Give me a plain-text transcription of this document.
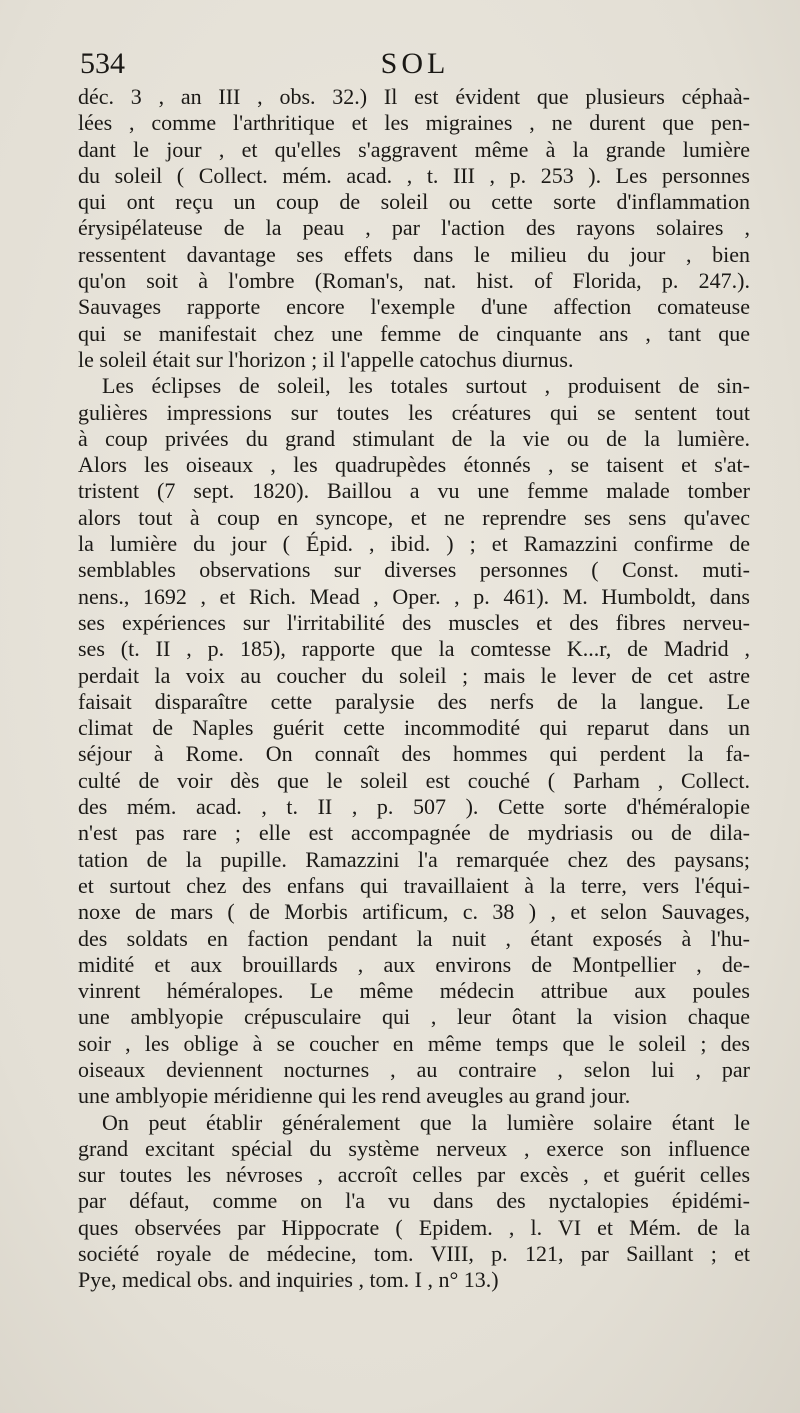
534	SOL
déc. 3 , an III , obs. 32.) Il est évident que plusieurs céphaà-
lées , comme l'arthritique et les migraines , ne durent que pen-
dant le jour , et qu'elles s'aggravent même à la grande lumière
du soleil ( Collect. mém. acad. , t. III , p. 253 ). Les personnes
qui ont reçu un coup de soleil ou cette sorte d'inflammation
érysipélateuse de la peau , par l'action des rayons solaires ,
ressentent davantage ses effets dans le milieu du jour , bien
qu'on soit à l'ombre (Roman's, nat. hist. of Florida, p. 247.).
Sauvages rapporte encore l'exemple d'une affection comateuse
qui se manifestait chez une femme de cinquante ans , tant que
le soleil était sur l'horizon ; il l'appelle catochus diurnus.
Les éclipses de soleil, les totales surtout , produisent de sin-
gulières impressions sur toutes les créatures qui se sentent tout
à coup privées du grand stimulant de la vie ou de la lumière.
Alors les oiseaux , les quadrupèdes étonnés , se taisent et s'at-
tristent (7 sept. 1820). Baillou a vu une femme malade tomber
alors tout à coup en syncope, et ne reprendre ses sens qu'avec
la lumière du jour ( Épid. , ibid. ) ; et Ramazzini confirme de
semblables observations sur diverses personnes ( Const. muti-
nens., 1692 , et Rich. Mead , Oper. , p. 461). M. Humboldt, dans
ses expériences sur l'irritabilité des muscles et des fibres nerveu-
ses (t. II , p. 185), rapporte que la comtesse K...r, de Madrid ,
perdait la voix au coucher du soleil ; mais le lever de cet astre
faisait disparaître cette paralysie des nerfs de la langue. Le
climat de Naples guérit cette incommodité qui reparut dans un
séjour à Rome. On connaît des hommes qui perdent la fa-
culté de voir dès que le soleil est couché ( Parham , Collect.
des mém. acad. , t. II , p. 507 ). Cette sorte d'héméralopie
n'est pas rare ; elle est accompagnée de mydriasis ou de dila-
tation de la pupille. Ramazzini l'a remarquée chez des paysans;
et surtout chez des enfans qui travaillaient à la terre, vers l'équi-
noxe de mars ( de Morbis artificum, c. 38 ) , et selon Sauvages,
des soldats en faction pendant la nuit , étant exposés à l'hu-
midité et aux brouillards , aux environs de Montpellier , de-
vinrent héméralopes. Le même médecin attribue aux poules
une amblyopie crépusculaire qui , leur ôtant la vision chaque
soir , les oblige à se coucher en même temps que le soleil ; des
oiseaux deviennent nocturnes , au contraire , selon lui , par
une amblyopie méridienne qui les rend aveugles au grand jour.
On peut établir généralement que la lumière solaire étant le
grand excitant spécial du système nerveux , exerce son influence
sur toutes les névroses , accroît celles par excès , et guérit celles
par défaut, comme on l'a vu dans des nyctalopies épidémi-
ques observées par Hippocrate ( Epidem. , l. VI et Mém. de la
société royale de médecine, tom. VIII, p. 121, par Saillant ; et
Pye, medical obs. and inquiries , tom. I , n° 13.)
